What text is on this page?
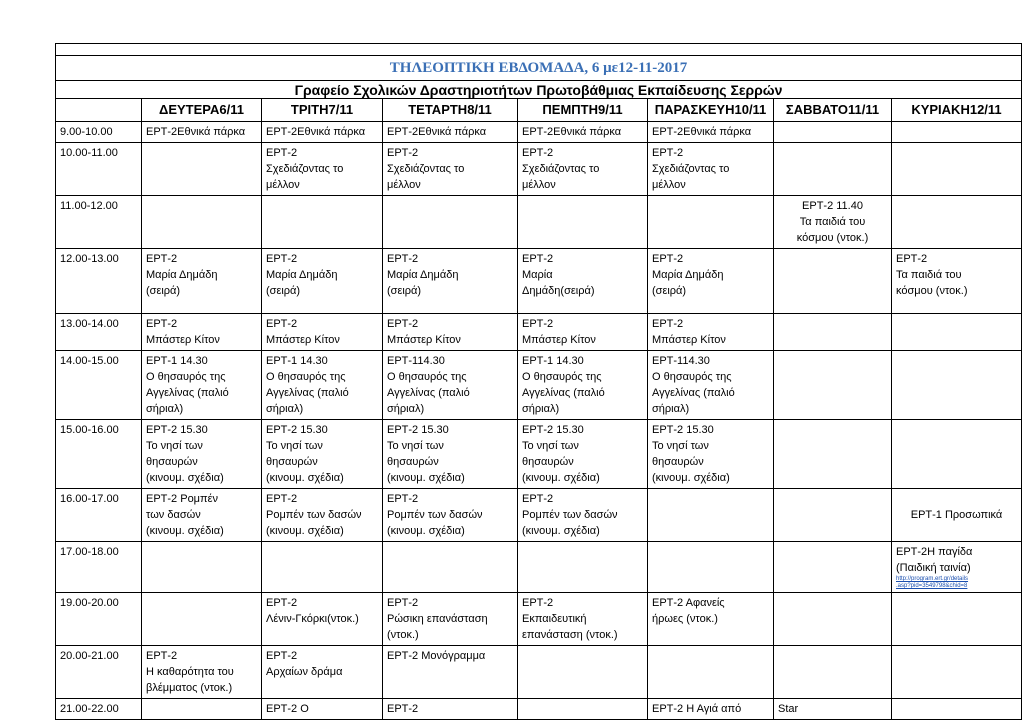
ΤΗΛΕΟΠΤΙΚΗ ΕΒΔΟΜΑΔΑ, 6 με12-11-2017							
Γραφείο Σχολικών Δραστηριοτήτων Πρωτοβάθμιας Εκπαίδευσης Σερρών							
	ΔΕΥΤΕΡΑ6/11	ΤΡΙΤΗ7/11	ΤΕΤΑΡΤΗ8/11	ΠΕΜΠΤΗ9/11	ΠΑΡΑΣΚΕΥΗ10/11	ΣΑΒΒΑΤΟ11/11	ΚΥΡΙΑΚΗ12/11
9.00-10.00	ΕΡΤ-2Εθνικά πάρκα	ΕΡΤ-2Εθνικά πάρκα	ΕΡΤ-2Εθνικά πάρκα	ΕΡΤ-2Εθνικά πάρκα	ΕΡΤ-2Εθνικά πάρκα		

10.00-11.00		ΕΡΤ-2
Σχεδιάζοντας το
μέλλον	ΕΡΤ-2
Σχεδιάζοντας το
μέλλον	ΕΡΤ-2
Σχεδιάζοντας το
μέλλον	ΕΡΤ-2
Σχεδιάζοντας το
μέλλον		

11.00-12.00						ΕΡΤ-2 11.40
Τα παιδιά του
κόσμου (ντοκ.)	

12.00-13.00	ΕΡΤ-2
Μαρία Δημάδη
(σειρά)	ΕΡΤ-2
Μαρία Δημάδη
(σειρά)	ΕΡΤ-2
Μαρία Δημάδη
(σειρά)	ΕΡΤ-2
Μαρία
Δημάδη(σειρά)	ΕΡΤ-2
Μαρία Δημάδη
(σειρά)		ΕΡΤ-2
Τα παιδιά του
κόσμου (ντοκ.)

13.00-14.00	ΕΡΤ-2
Μπάστερ Κίτον	ΕΡΤ-2
Μπάστερ Κίτον	ΕΡΤ-2
Μπάστερ Κίτον	ΕΡΤ-2
Μπάστερ Κίτον	ΕΡΤ-2
Μπάστερ Κίτον		

14.00-15.00	ΕΡΤ-1 14.30
Ο θησαυρός της
Αγγελίνας (παλιό
σήριαλ)	ΕΡΤ-1 14.30
Ο θησαυρός της
Αγγελίνας (παλιό
σήριαλ)	ΕΡΤ-114.30
Ο θησαυρός της
Αγγελίνας (παλιό
σήριαλ)	ΕΡΤ-1 14.30
Ο θησαυρός της
Αγγελίνας (παλιό
σήριαλ)	ΕΡΤ-114.30
Ο θησαυρός της
Αγγελίνας (παλιό
σήριαλ)		

15.00-16.00	ΕΡΤ-2 15.30
Το νησί των
θησαυρών
(κινουμ. σχέδια)	ΕΡΤ-2 15.30
Το νησί των
θησαυρών
(κινουμ. σχέδια)	ΕΡΤ-2 15.30
Το νησί των
θησαυρών
(κινουμ. σχέδια)	ΕΡΤ-2 15.30
Το νησί των
θησαυρών
(κινουμ. σχέδια)	ΕΡΤ-2 15.30
Το νησί των
θησαυρών
(κινουμ. σχέδια)		

16.00-17.00	ΕΡΤ-2 Ρομπέν
των δασών
(κινουμ. σχέδια)	ΕΡΤ-2
Ρομπέν των δασών
(κινουμ. σχέδια)	ΕΡΤ-2
Ρομπέν των δασών
(κινουμ. σχέδια)	ΕΡΤ-2
Ρομπέν των δασών
(κινουμ. σχέδια)			ΕΡΤ-1 Προσωπικά

17.00-18.00							ΕΡΤ-2Η παγίδα
(Παιδική ταινία)
http://program.ert.gr/details
.asp?pid=3549798&chid=8

19.00-20.00		ΕΡΤ-2
Λένιν-Γκόρκι(ντοκ.)	ΕΡΤ-2
Ρώσικη επανάσταση
(ντοκ.)	ΕΡΤ-2
Εκπαιδευτική
επανάσταση (ντοκ.)	ΕΡΤ-2 Αφανείς
ήρωες (ντοκ.)		

20.00-21.00	ΕΡΤ-2
Η καθαρότητα του
βλέμματος (ντοκ.)	ΕΡΤ-2
Αρχαίων δράμα	ΕΡΤ-2 Μονόγραμμα				

21.00-22.00		ΕΡΤ-2 Ο	ΕΡΤ-2		ΕΡΤ-2 Η Αγιά από	Star	
